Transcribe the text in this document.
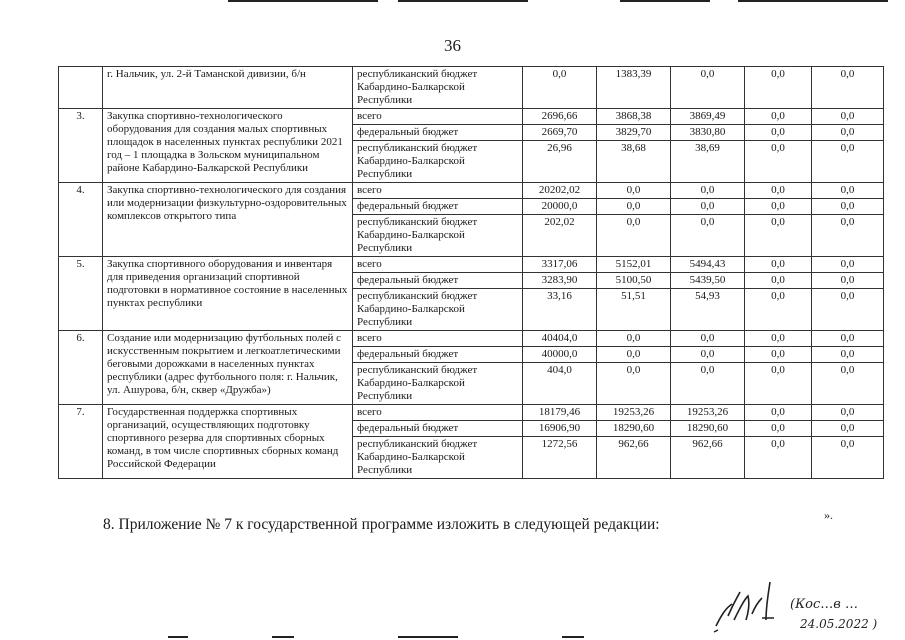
36
	г. Нальчик, ул. 2-й Таманской дивизии, б/н	республиканский бюджет Кабардино-Балкарской Республики	0,0	1383,39	0,0	0,0	0,0
3.	Закупка спортивно-технологического оборудования для создания малых спортивных площадок в населенных пунктах республики 2021 год – 1 площадка в Зольском муниципальном районе Кабардино-Балкарской Республики	всего	2696,66	3868,38	3869,49	0,0	0,0
		федеральный бюджет	2669,70	3829,70	3830,80	0,0	0,0
		республиканский бюджет Кабардино-Балкарской Республики	26,96	38,68	38,69	0,0	0,0
4.	Закупка спортивно-технологического для создания или модернизации физкультурно-оздоровительных комплексов открытого типа	всего	20202,02	0,0	0,0	0,0	0,0
		федеральный бюджет	20000,0	0,0	0,0	0,0	0,0
		республиканский бюджет Кабардино-Балкарской Республики	202,02	0,0	0,0	0,0	0,0
5.	Закупка спортивного оборудования и инвентаря для приведения организаций спортивной подготовки в нормативное состояние в населенных пунктах республики	всего	3317,06	5152,01	5494,43	0,0	0,0
		федеральный бюджет	3283,90	5100,50	5439,50	0,0	0,0
		республиканский бюджет Кабардино-Балкарской Республики	33,16	51,51	54,93	0,0	0,0
6.	Создание или модернизацию футбольных полей с искусственным покрытием и легкоатлетическими беговыми дорожками в населенных пунктах республики (адрес футбольного поля: г. Нальчик, ул. Ашурова, б/н, сквер «Дружба»)	всего	40404,0	0,0	0,0	0,0	0,0
		федеральный бюджет	40000,0	0,0	0,0	0,0	0,0
		республиканский бюджет Кабардино-Балкарской Республики	404,0	0,0	0,0	0,0	0,0
7.	Государственная поддержка спортивных организаций, осуществляющих подготовку спортивного резерва для спортивных сборных команд, в том числе спортивных сборных команд Российской Федерации	всего	18179,46	19253,26	19253,26	0,0	0,0
		федеральный бюджет	16906,90	18290,60	18290,60	0,0	0,0
		республиканский бюджет Кабардино-Балкарской Республики	1272,56	962,66	962,66	0,0	0,0
».
8. Приложение № 7 к государственной программе изложить в следующей редакции:
(Кос…в …
24.05.2022 )
